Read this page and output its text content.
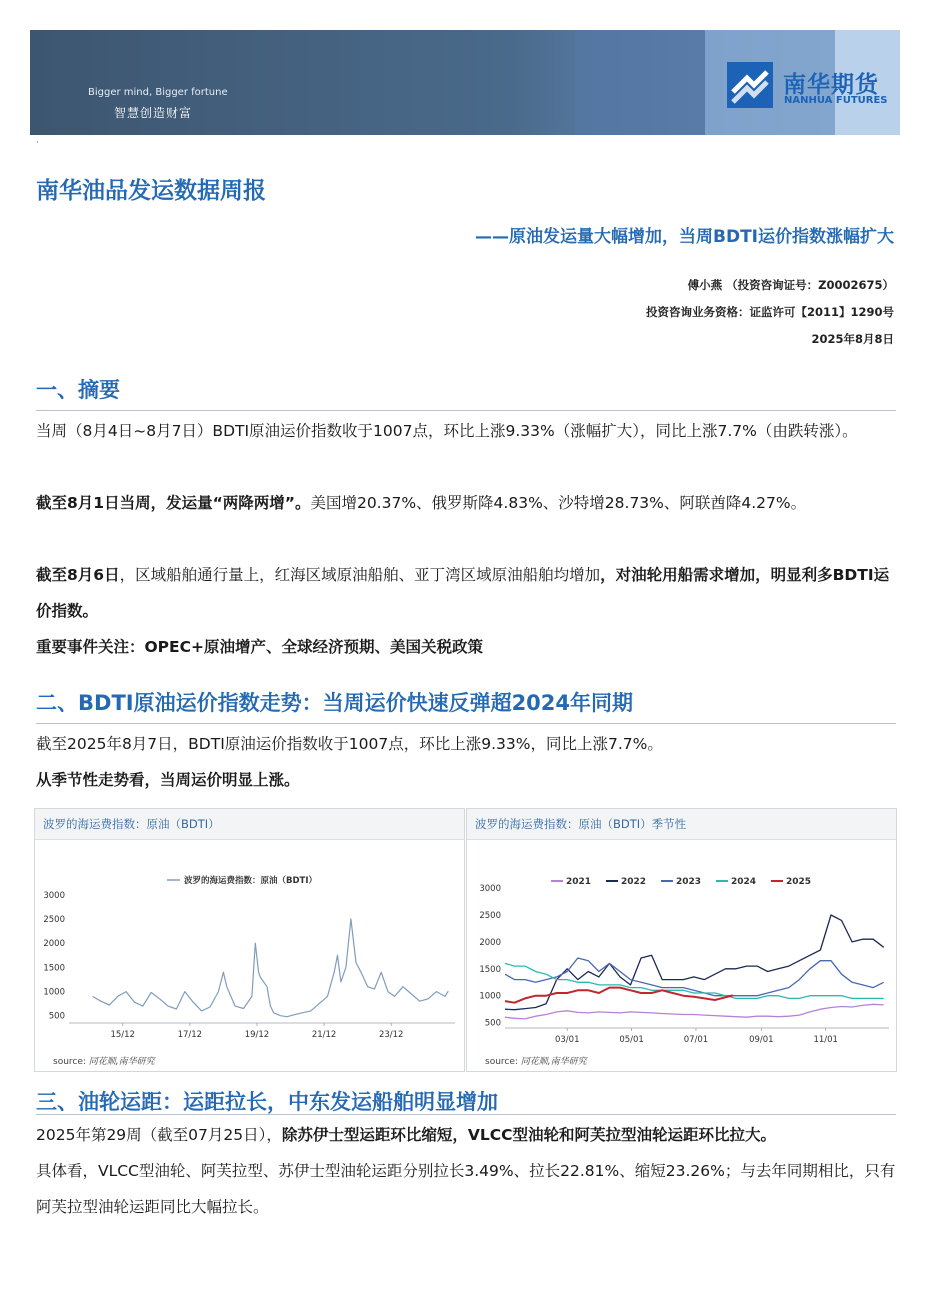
Bigger mind, Bigger fortune
智慧创造财富
南华期货
NANHUA FUTURES
·
南华油品发运数据周报
——原油发运量大幅增加，当周BDTI运价指数涨幅扩大
傅小燕 （投资咨询证号：Z0002675）
投资咨询业务资格：证监许可【2011】1290号
2025年8月8日
一、摘要
当周（8月4日~8月7日）BDTI原油运价指数收于1007点，环比上涨9.33%（涨幅扩大），同比上涨7.7%（由跌转涨）。
截至8月1日当周，发运量“两降两增”。美国增20.37%、俄罗斯降4.83%、沙特增28.73%、阿联酋降4.27%。
截至8月6日，区域船舶通行量上，红海区域原油船舶、亚丁湾区域原油船舶均增加，对油轮用船需求增加，明显利多BDTI运价指数。
重要事件关注：OPEC+原油增产、全球经济预期、美国关税政策
二、BDTI原油运价指数走势：当周运价快速反弹超2024年同期
截至2025年8月7日，BDTI原油运价指数收于1007点，环比上涨9.33%，同比上涨7.7%。
从季节性走势看，当周运价明显上涨。
波罗的海运费指数：原油（BDTI）
500
1000
1500
2000
2500
3000
15/12	17/12	19/12	21/12	23/12
波罗的海运费指数：原油（BDTI）
source: 同花顺,南华研究
波罗的海运费指数：原油（BDTI）季节性
500
1000
1500
2000
2500
3000
03/01	05/01	07/01	09/01	11/01
2021	2022	2023	2024	2025
source: 同花顺,南华研究
三、油轮运距：运距拉长，中东发运船舶明显增加
2025年第29周（截至07月25日），除苏伊士型运距环比缩短，VLCC型油轮和阿芙拉型油轮运距环比拉大。
具体看，VLCC型油轮、阿芙拉型、苏伊士型油轮运距分别拉长3.49%、拉长22.81%、缩短23.26%；与去年同期相比，只有阿芙拉型油轮运距同比大幅拉长。
